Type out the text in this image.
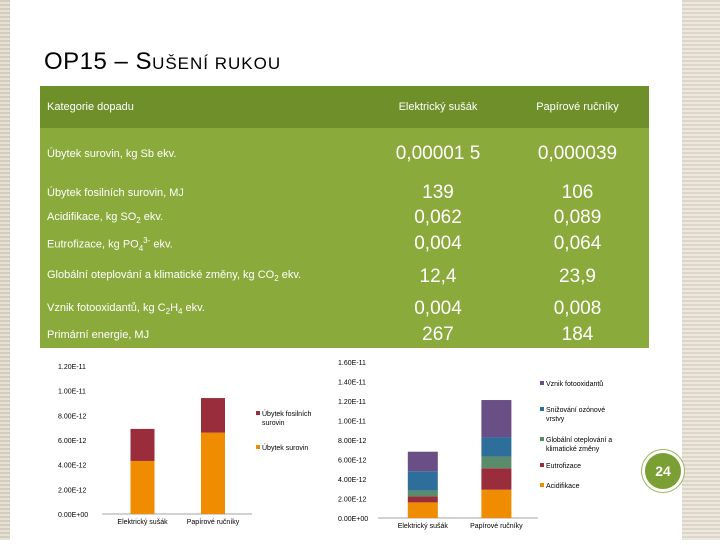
OP15 – SUŠENÍ RUKOU
Kategorie dopadu	Elektrický sušák	Papírové ručníky
Úbytek surovin, kg Sb ekv.	0,00001 5	0,000039
Úbytek fosilních surovin, MJ	139	106
Acidifikace, kg $SO_2$ ekv.	0,062	0,089
Eutrofizace, kg $PO_4^{3-}$ ekv.	0,004	0,064
Globální oteplování a klimatické změny, kg $CO_2$ ekv.	12,4	23,9
Vznik fotooxidantů, kg $C_2H_4$ ekv.	0,004	0,008
Primární energie, MJ	267	184
0.00E+00
2.00E-12
4.00E-12
6.00E-12
8.00E-12
1.00E-11
1.20E-11
Elektrický sušák	Papírové ručníky
Úbytek fosilních
surovin
Úbytek surovin
0.00E+00
2.00E-12
4.00E-12
6.00E-12
8.00E-12
1.00E-11
1.20E-11
1.40E-11
1.60E-11
Elektrický sušák	Papírové ručníky
Vznik fotooxidantů
Snižování ozónové
vrstvy
Globální oteplování a
klimatické změny
Eutrofizace
Acidifikace
24
